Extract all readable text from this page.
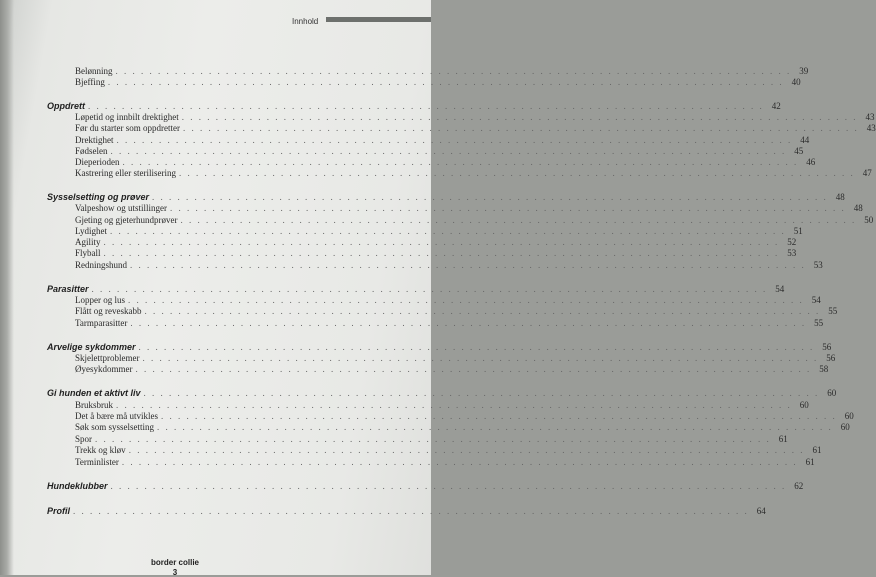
Innhold
Belønning . . . . . . . . . . . . . . . . . . . . . . . . . . . . . . . . . . . . . . . . . . . . . . . . . . . . . . . . . . . . . . . . . . . . . . . . . . . . . . . . 39
Bjeffing . . . . . . . . . . . . . . . . . . . . . . . . . . . . . . . . . . . . . . . . . . . . . . . . . . . . . . . . . . . . . . . . . . . . . . . . . . . . . . . . 40
Oppdrett . . . . . . . . . . . . . . . . . . . . . . . . . . . . . . . . . . . . . . . . . . . . . . . . . . . . . . . . . . . . . . . . . . . . . . . . . . . . . . . . 42
Løpetid og innbilt drektighet . . . . . . . . . . . . . . . . . . . . . . . . . . . . . . . . . . . . . . . . . . . . . . . . . . . . . . . . . . . . . . . . . . . . . . . . . . . . . . . . 43
Før du starter som oppdretter . . . . . . . . . . . . . . . . . . . . . . . . . . . . . . . . . . . . . . . . . . . . . . . . . . . . . . . . . . . . . . . . . . . . . . . . . . . . . . . . 43
Drektighet . . . . . . . . . . . . . . . . . . . . . . . . . . . . . . . . . . . . . . . . . . . . . . . . . . . . . . . . . . . . . . . . . . . . . . . . . . . . . . . . 44
Fødselen . . . . . . . . . . . . . . . . . . . . . . . . . . . . . . . . . . . . . . . . . . . . . . . . . . . . . . . . . . . . . . . . . . . . . . . . . . . . . . . . 45
Dieperioden . . . . . . . . . . . . . . . . . . . . . . . . . . . . . . . . . . . . . . . . . . . . . . . . . . . . . . . . . . . . . . . . . . . . . . . . . . . . . . . . 46
Kastrering eller sterilisering . . . . . . . . . . . . . . . . . . . . . . . . . . . . . . . . . . . . . . . . . . . . . . . . . . . . . . . . . . . . . . . . . . . . . . . . . . . . . . . . 47
Sysselsetting og prøver . . . . . . . . . . . . . . . . . . . . . . . . . . . . . . . . . . . . . . . . . . . . . . . . . . . . . . . . . . . . . . . . . . . . . . . . . . . . . . . . 48
Valpeshow og utstillinger . . . . . . . . . . . . . . . . . . . . . . . . . . . . . . . . . . . . . . . . . . . . . . . . . . . . . . . . . . . . . . . . . . . . . . . . . . . . . . . . 48
Gjeting og gjeterhundprøver . . . . . . . . . . . . . . . . . . . . . . . . . . . . . . . . . . . . . . . . . . . . . . . . . . . . . . . . . . . . . . . . . . . . . . . . . . . . . . . . 50
Lydighet . . . . . . . . . . . . . . . . . . . . . . . . . . . . . . . . . . . . . . . . . . . . . . . . . . . . . . . . . . . . . . . . . . . . . . . . . . . . . . . . 51
Agility . . . . . . . . . . . . . . . . . . . . . . . . . . . . . . . . . . . . . . . . . . . . . . . . . . . . . . . . . . . . . . . . . . . . . . . . . . . . . . . . 52
Flyball . . . . . . . . . . . . . . . . . . . . . . . . . . . . . . . . . . . . . . . . . . . . . . . . . . . . . . . . . . . . . . . . . . . . . . . . . . . . . . . . 53
Redningshund . . . . . . . . . . . . . . . . . . . . . . . . . . . . . . . . . . . . . . . . . . . . . . . . . . . . . . . . . . . . . . . . . . . . . . . . . . . . . . . . 53
Parasitter . . . . . . . . . . . . . . . . . . . . . . . . . . . . . . . . . . . . . . . . . . . . . . . . . . . . . . . . . . . . . . . . . . . . . . . . . . . . . . . . 54
Lopper og lus . . . . . . . . . . . . . . . . . . . . . . . . . . . . . . . . . . . . . . . . . . . . . . . . . . . . . . . . . . . . . . . . . . . . . . . . . . . . . . . . 54
Flått og reveskabb . . . . . . . . . . . . . . . . . . . . . . . . . . . . . . . . . . . . . . . . . . . . . . . . . . . . . . . . . . . . . . . . . . . . . . . . . . . . . . . . 55
Tarmparasitter . . . . . . . . . . . . . . . . . . . . . . . . . . . . . . . . . . . . . . . . . . . . . . . . . . . . . . . . . . . . . . . . . . . . . . . . . . . . . . . . 55
Arvelige sykdommer . . . . . . . . . . . . . . . . . . . . . . . . . . . . . . . . . . . . . . . . . . . . . . . . . . . . . . . . . . . . . . . . . . . . . . . . . . . . . . . . 56
Skjelettproblemer . . . . . . . . . . . . . . . . . . . . . . . . . . . . . . . . . . . . . . . . . . . . . . . . . . . . . . . . . . . . . . . . . . . . . . . . . . . . . . . . 56
Øyesykdommer . . . . . . . . . . . . . . . . . . . . . . . . . . . . . . . . . . . . . . . . . . . . . . . . . . . . . . . . . . . . . . . . . . . . . . . . . . . . . . . . 58
Gi hunden et aktivt liv . . . . . . . . . . . . . . . . . . . . . . . . . . . . . . . . . . . . . . . . . . . . . . . . . . . . . . . . . . . . . . . . . . . . . . . . . . . . . . . . 60
Bruksbruk . . . . . . . . . . . . . . . . . . . . . . . . . . . . . . . . . . . . . . . . . . . . . . . . . . . . . . . . . . . . . . . . . . . . . . . . . . . . . . . . 60
Det å bære må utvikles . . . . . . . . . . . . . . . . . . . . . . . . . . . . . . . . . . . . . . . . . . . . . . . . . . . . . . . . . . . . . . . . . . . . . . . . . . . . . . . . 60
Søk som sysselsetting . . . . . . . . . . . . . . . . . . . . . . . . . . . . . . . . . . . . . . . . . . . . . . . . . . . . . . . . . . . . . . . . . . . . . . . . . . . . . . . . 60
Spor . . . . . . . . . . . . . . . . . . . . . . . . . . . . . . . . . . . . . . . . . . . . . . . . . . . . . . . . . . . . . . . . . . . . . . . . . . . . . . . . 61
Trekk og kløv . . . . . . . . . . . . . . . . . . . . . . . . . . . . . . . . . . . . . . . . . . . . . . . . . . . . . . . . . . . . . . . . . . . . . . . . . . . . . . . . 61
Terminlister . . . . . . . . . . . . . . . . . . . . . . . . . . . . . . . . . . . . . . . . . . . . . . . . . . . . . . . . . . . . . . . . . . . . . . . . . . . . . . . . 61
Hundeklubber . . . . . . . . . . . . . . . . . . . . . . . . . . . . . . . . . . . . . . . . . . . . . . . . . . . . . . . . . . . . . . . . . . . . . . . . . . . . . . . . 62
Profil . . . . . . . . . . . . . . . . . . . . . . . . . . . . . . . . . . . . . . . . . . . . . . . . . . . . . . . . . . . . . . . . . . . . . . . . . . . . . . . . 64
border collie
3
